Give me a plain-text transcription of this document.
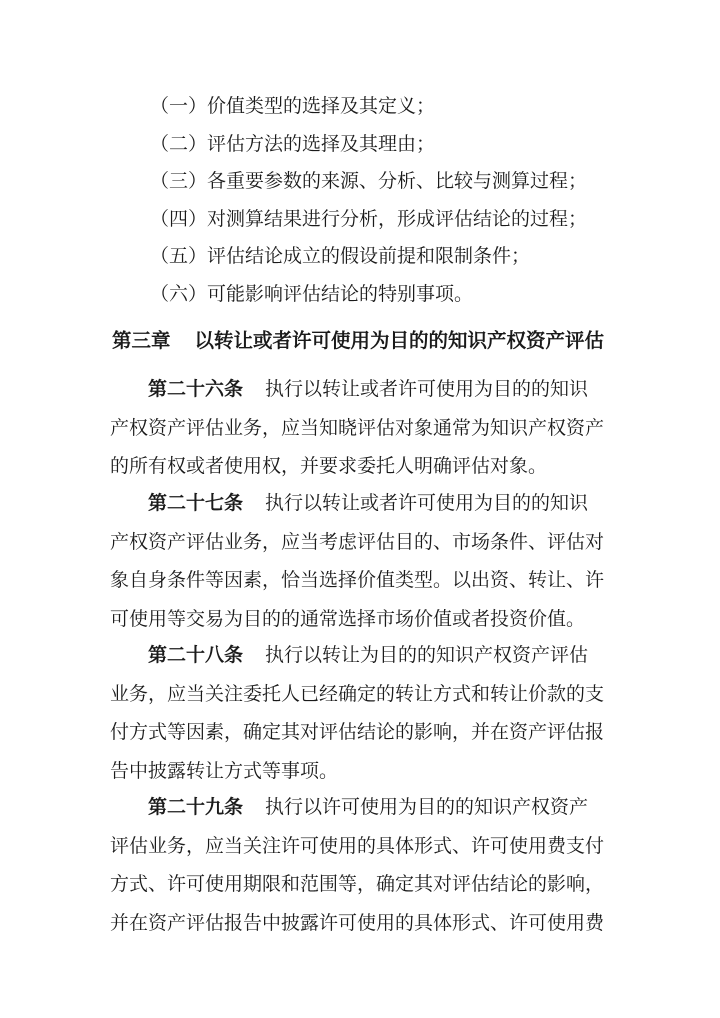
（一）价值类型的选择及其定义；
（二）评估方法的选择及其理由；
（三）各重要参数的来源、分析、比较与测算过程；
（四）对测算结果进行分析，形成评估结论的过程；
（五）评估结论成立的假设前提和限制条件；
（六）可能影响评估结论的特别事项。
第三章 以转让或者许可使用为目的的知识产权资产评估
第二十六条 执行以转让或者许可使用为目的的知识
产权资产评估业务，应当知晓评估对象通常为知识产权资产
的所有权或者使用权，并要求委托人明确评估对象。
第二十七条 执行以转让或者许可使用为目的的知识
产权资产评估业务，应当考虑评估目的、市场条件、评估对
象自身条件等因素，恰当选择价值类型。以出资、转让、许
可使用等交易为目的的通常选择市场价值或者投资价值。
第二十八条 执行以转让为目的的知识产权资产评估
业务，应当关注委托人已经确定的转让方式和转让价款的支
付方式等因素，确定其对评估结论的影响，并在资产评估报
告中披露转让方式等事项。
第二十九条 执行以许可使用为目的的知识产权资产
评估业务，应当关注许可使用的具体形式、许可使用费支付
方式、许可使用期限和范围等，确定其对评估结论的影响，
并在资产评估报告中披露许可使用的具体形式、许可使用费
